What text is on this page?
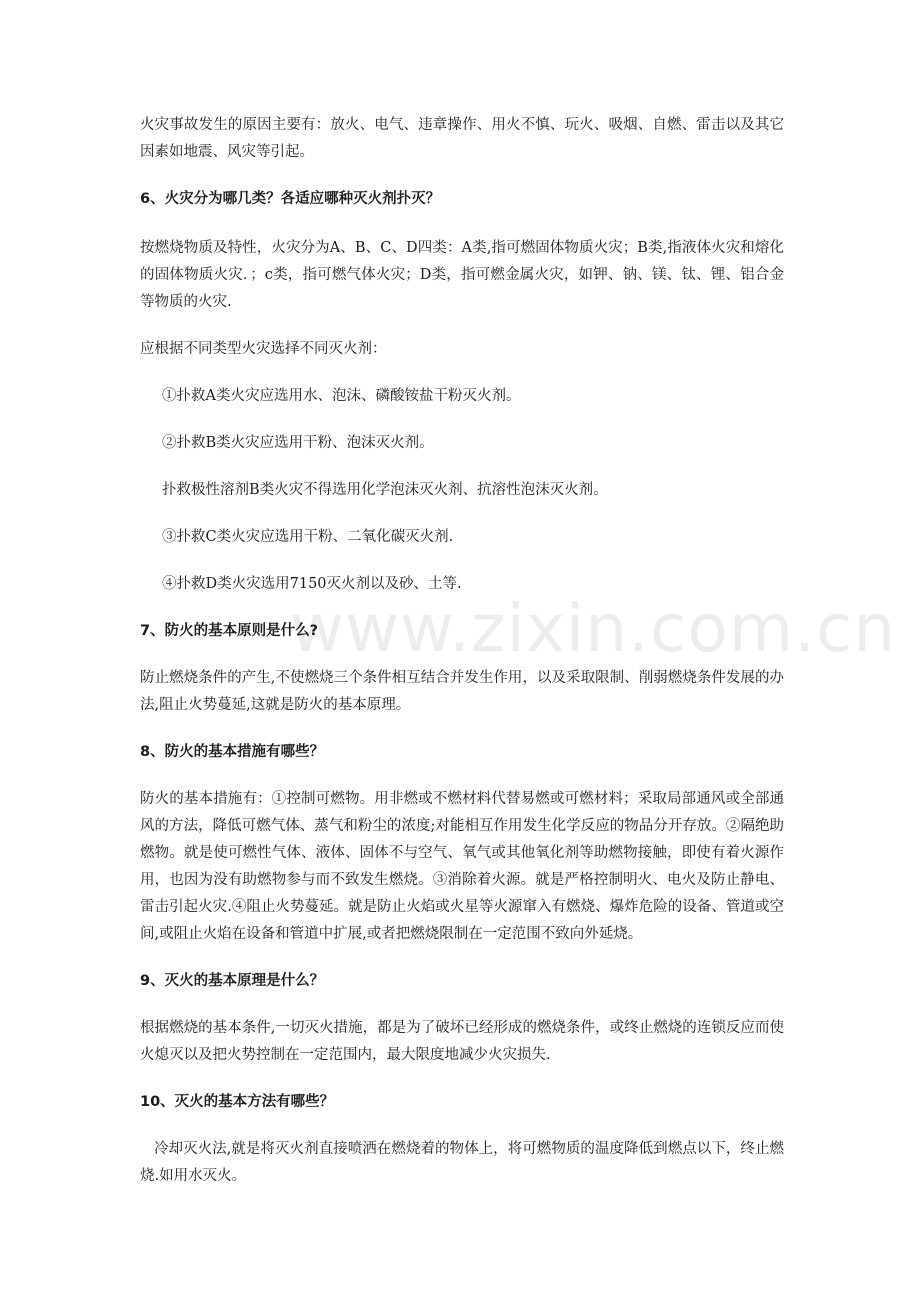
www.zixin.com.cn

火灾事故发生的原因主要有：放火、电气、违章操作、用火不慎、玩火、吸烟、自燃、雷击以及其它因素如地震、风灾等引起。

6、火灾分为哪几类？各适应哪种灭火剂扑灭？

按燃烧物质及特性，火灾分为A、B、C、D四类：A类,指可燃固体物质火灾；B类,指液体火灾和熔化的固体物质火灾．；c类，指可燃气体火灾；D类，指可燃金属火灾，如钾、钠、镁、钛、锂、铝合金等物质的火灾.

应根据不同类型火灾选择不同灭火剂：

①扑救A类火灾应选用水、泡沫、磷酸铵盐干粉灭火剂。

②扑救B类火灾应选用干粉、泡沫灭火剂。

扑救极性溶剂B类火灾不得选用化学泡沫灭火剂、抗溶性泡沫灭火剂。

③扑救C类火灾应选用干粉、二氧化碳灭火剂.

④扑救D类火灾选用7150灭火剂以及砂、土等.

7、防火的基本原则是什么?

防止燃烧条件的产生,不使燃烧三个条件相互结合并发生作用，以及采取限制、削弱燃烧条件发展的办法,阻止火势蔓延,这就是防火的基本原理。

8、防火的基本措施有哪些？

防火的基本措施有：①控制可燃物。用非燃或不燃材料代替易燃或可燃材料；采取局部通风或全部通风的方法，降低可燃气体、蒸气和粉尘的浓度;对能相互作用发生化学反应的物品分开存放。②隔绝助燃物。就是使可燃性气体、液体、固体不与空气、氧气或其他氧化剂等助燃物接触，即使有着火源作用，也因为没有助燃物参与而不致发生燃烧。③消除着火源。就是严格控制明火、电火及防止静电、雷击引起火灾.④阻止火势蔓延。就是防止火焰或火星等火源窜入有燃烧、爆炸危险的设备、管道或空间,或阻止火焰在设备和管道中扩展,或者把燃烧限制在一定范围不致向外延烧。

9、灭火的基本原理是什么？

根据燃烧的基本条件,一切灭火措施，都是为了破坏已经形成的燃烧条件，或终止燃烧的连锁反应而使火熄灭以及把火势控制在一定范围内，最大限度地减少火灾损失.

10、灭火的基本方法有哪些？

冷却灭火法,就是将灭火剂直接喷洒在燃烧着的物体上，将可燃物质的温度降低到燃点以下，终止燃烧.如用水灭火。
